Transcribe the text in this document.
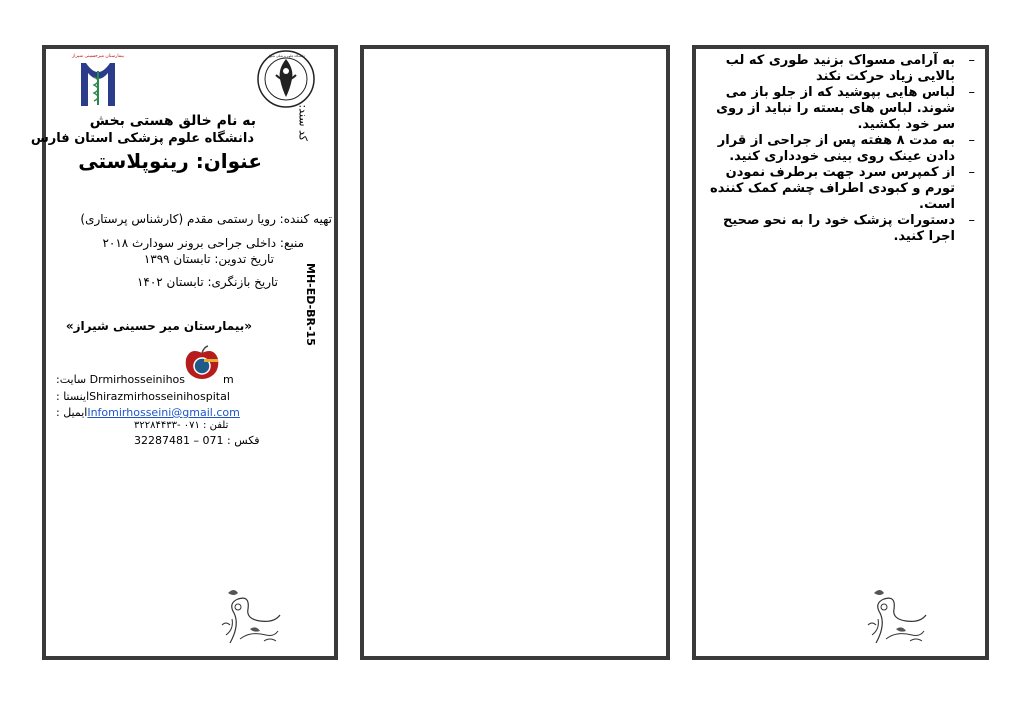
بیمارستان میرحسینی شیراز	دانشگاه علوم پزشکی شیراز
به نام خالق هستی بخش
دانشگاه علوم پزشکی استان فارس
عنوان: رینوپلاستی
کد سند:
تهیه کننده: رویا رستمی مقدم (کارشناس پرستاری)
منبع: داخلی جراحی برونر سودارث ۲۰۱۸
تاریخ تدوین: تابستان ۱۳۹۹
تاریخ بازنگری: تابستان ۱۴۰۲
«بیمارستان میر حسینی شیراز»	MH-ED-BR-15
:سایت Drmirhosseinihos	m
: اینستاShirazmirhosseinihospital
: ایمیلInfomirhosseini@gmail.com
۳۲۲۸۴۴۳۳- ۰۷۱ : تلفن
فکس : 071 – 32287481
–
به آرامی مسواک بزنید طوری که لب بالایی زیاد حرکت نکند
–
لباس هایی بپوشید که از جلو باز می شوند. لباس های بسته را نباید از روی سر خود بکشید.
–
به مدت ۸ هفته پس از جراحی از قرار دادن عینک روی بینی خودداری کنید.
–
از کمپرس سرد جهت برطرف نمودن تورم و کبودی اطراف چشم کمک کننده است.
–
دستورات پزشک خود را به نحو صحیح اجرا کنید.
